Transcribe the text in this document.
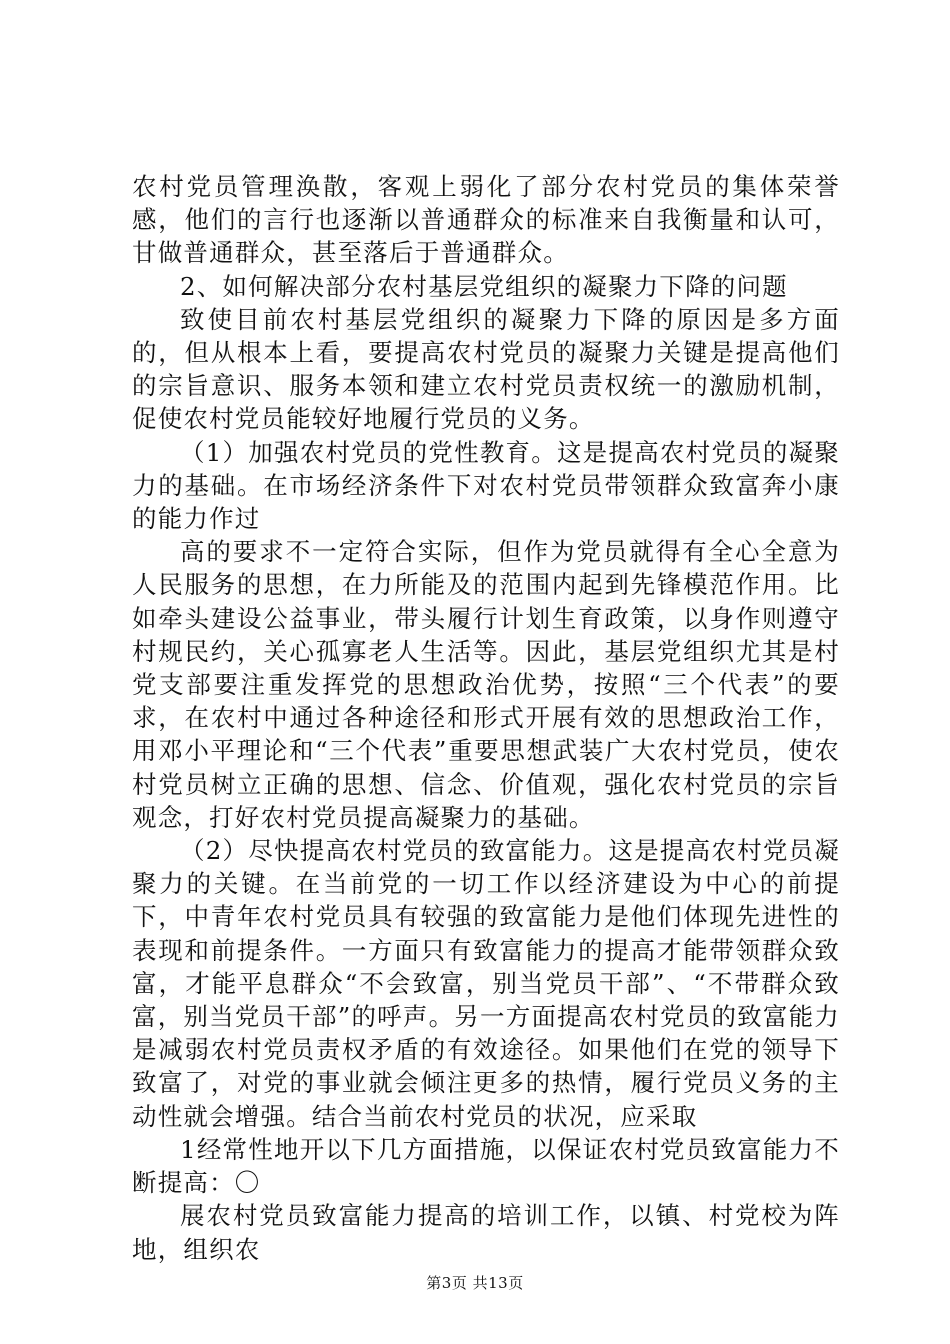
农村党员管理涣散，客观上弱化了部分农村党员的集体荣誉感，他们的言行也逐渐以普通群众的标准来自我衡量和认可，甘做普通群众，甚至落后于普通群众。

2、如何解决部分农村基层党组织的凝聚力下降的问题

致使目前农村基层党组织的凝聚力下降的原因是多方面的，但从根本上看，要提高农村党员的凝聚力关键是提高他们的宗旨意识、服务本领和建立农村党员责权统一的激励机制，促使农村党员能较好地履行党员的义务。

（1）加强农村党员的党性教育。这是提高农村党员的凝聚力的基础。在市场经济条件下对农村党员带领群众致富奔小康的能力作过

高的要求不一定符合实际，但作为党员就得有全心全意为人民服务的思想，在力所能及的范围内起到先锋模范作用。比如牵头建设公益事业，带头履行计划生育政策，以身作则遵守村规民约，关心孤寡老人生活等。因此，基层党组织尤其是村党支部要注重发挥党的思想政治优势，按照“三个代表”的要求，在农村中通过各种途径和形式开展有效的思想政治工作，用邓小平理论和“三个代表”重要思想武装广大农村党员，使农村党员树立正确的思想、信念、价值观，强化农村党员的宗旨观念，打好农村党员提高凝聚力的基础。

（2）尽快提高农村党员的致富能力。这是提高农村党员凝聚力的关键。在当前党的一切工作以经济建设为中心的前提下，中青年农村党员具有较强的致富能力是他们体现先进性的表现和前提条件。一方面只有致富能力的提高才能带领群众致富，才能平息群众“不会致富，别当党员干部”、“不带群众致富，别当党员干部”的呼声。另一方面提高农村党员的致富能力是减弱农村党员责权矛盾的有效途径。如果他们在党的领导下致富了，对党的事业就会倾注更多的热情，履行党员义务的主动性就会增强。结合当前农村党员的状况，应采取

1经常性地开以下几方面措施，以保证农村党员致富能力不断提高：〇

展农村党员致富能力提高的培训工作，以镇、村党校为阵地，组织农

第3页 共13页
